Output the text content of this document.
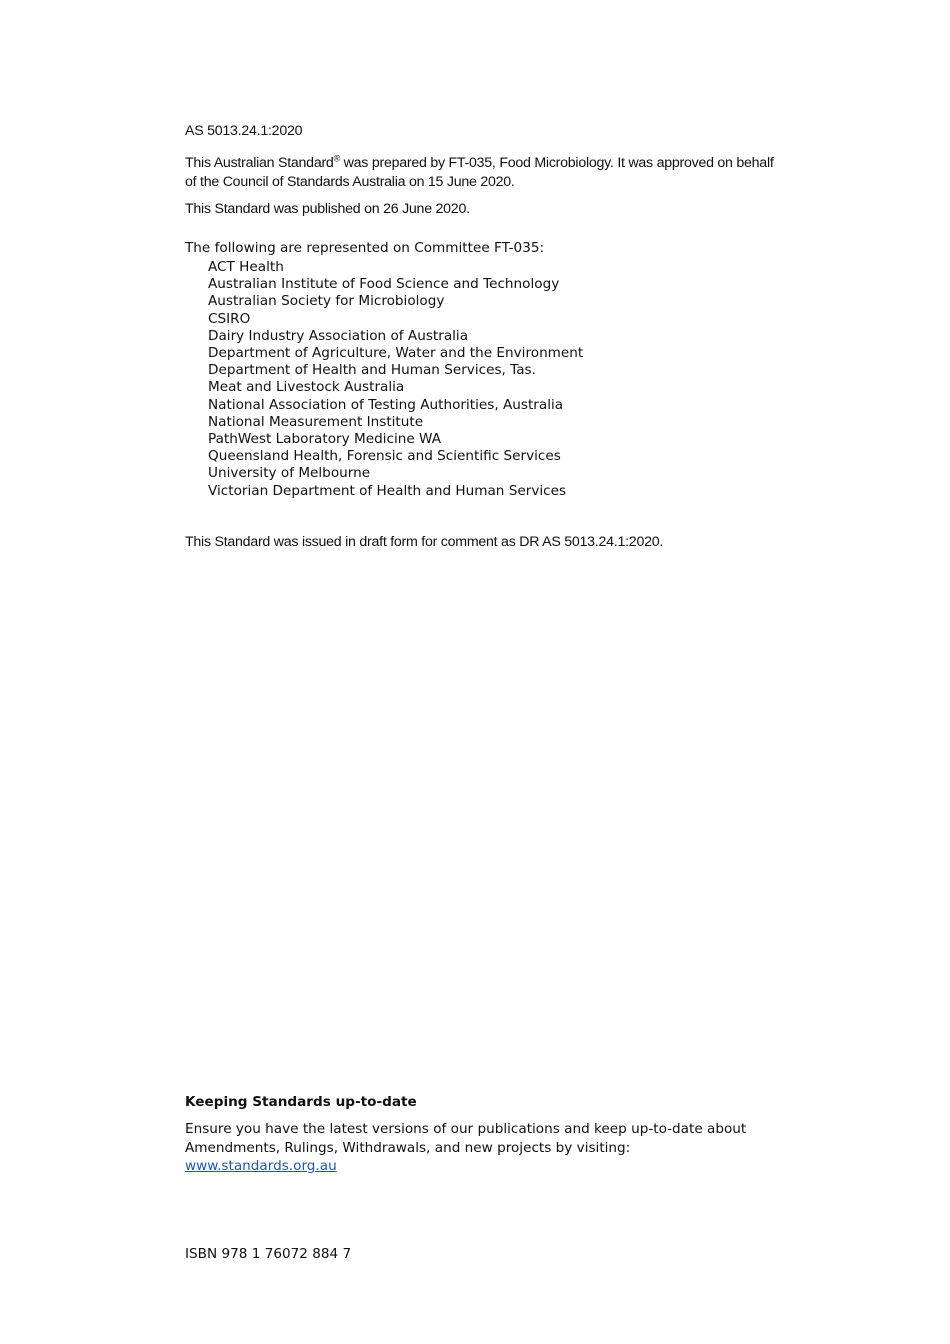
AS 5013.24.1:2020

This Australian Standard® was prepared by FT-035, Food Microbiology. It was approved on behalf of the Council of Standards Australia on 15 June 2020.

This Standard was published on 26 June 2020.

The following are represented on Committee FT-035:

ACT Health
Australian Institute of Food Science and Technology
Australian Society for Microbiology
CSIRO
Dairy Industry Association of Australia
Department of Agriculture, Water and the Environment
Department of Health and Human Services, Tas.
Meat and Livestock Australia
National Association of Testing Authorities, Australia
National Measurement Institute
PathWest Laboratory Medicine WA
Queensland Health, Forensic and Scientific Services
University of Melbourne
Victorian Department of Health and Human Services

This Standard was issued in draft form for comment as DR AS 5013.24.1:2020.

Keeping Standards up-to-date

Ensure you have the latest versions of our publications and keep up-to-date about Amendments, Rulings, Withdrawals, and new projects by visiting:

www.standards.org.au

ISBN 978 1 76072 884 7
